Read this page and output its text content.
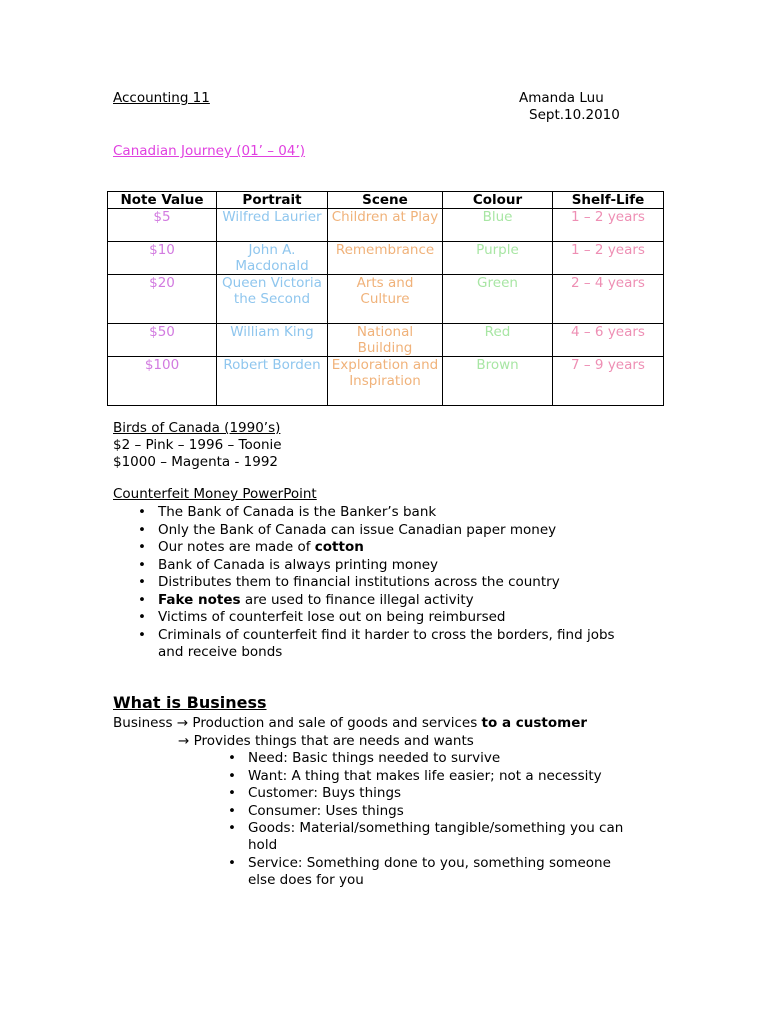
Accounting 11	Amanda Luu
Sept.10.2010
Canadian Journey (01’ – 04’)
Note Value	Portrait	Scene	Colour	Shelf-Life
$5	Wilfred Laurier	Children at Play	Blue	1 – 2 years
$10	John A. Macdonald	Remembrance	Purple	1 – 2 years
$20	Queen Victoria the Second	Arts and Culture	Green	2 – 4 years
$50	William King	National Building	Red	4 – 6 years
$100	Robert Borden	Exploration and Inspiration	Brown	7 – 9 years
Birds of Canada (1990’s)
$2 – Pink – 1996 – Toonie
$1000 – Magenta - 1992
Counterfeit Money PowerPoint
• The Bank of Canada is the Banker’s bank
• Only the Bank of Canada can issue Canadian paper money
• Our notes are made of cotton
• Bank of Canada is always printing money
• Distributes them to financial institutions across the country
• Fake notes are used to finance illegal activity
• Victims of counterfeit lose out on being reimbursed
• Criminals of counterfeit find it harder to cross the borders, find jobs
and receive bonds
What is Business
Business → Production and sale of goods and services to a customer
→ Provides things that are needs and wants
• Need: Basic things needed to survive
• Want: A thing that makes life easier; not a necessity
• Customer: Buys things
• Consumer: Uses things
• Goods: Material/something tangible/something you can
hold
• Service: Something done to you, something someone
else does for you
